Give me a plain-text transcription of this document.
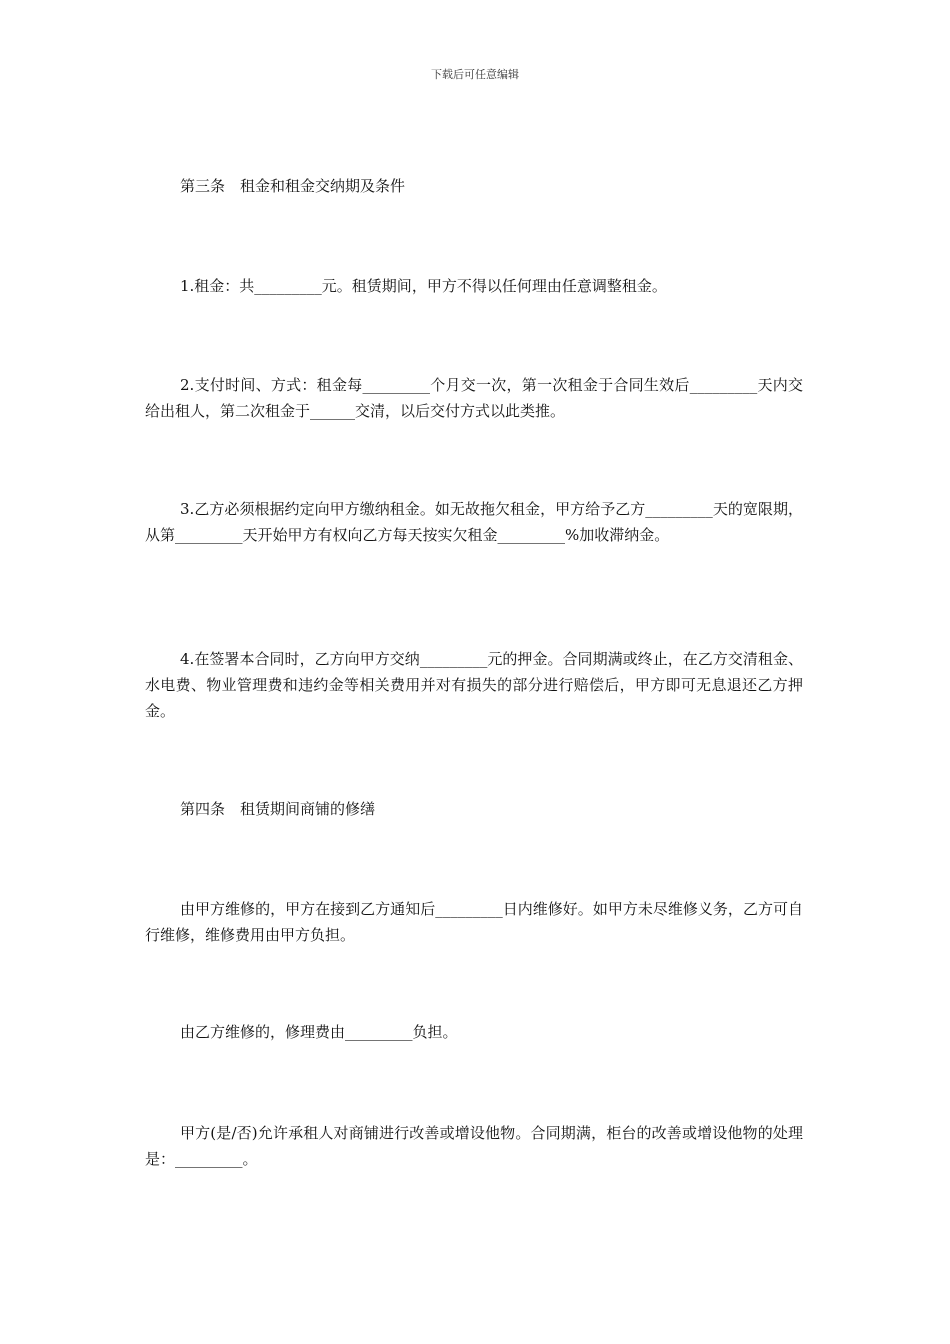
下载后可任意编辑
第三条　租金和租金交纳期及条件
1.租金：共_________元。租赁期间，甲方不得以任何理由任意调整租金。
2.支付时间、方式：租金每_________个月交一次，第一次租金于合同生效后_________天内交给出租人，第二次租金于______交清，以后交付方式以此类推。
3.乙方必须根据约定向甲方缴纳租金。如无故拖欠租金，甲方给予乙方_________天的宽限期，从第_________天开始甲方有权向乙方每天按实欠租金_________%加收滞纳金。
4.在签署本合同时，乙方向甲方交纳_________元的押金。合同期满或终止，在乙方交清租金、水电费、物业管理费和违约金等相关费用并对有损失的部分进行赔偿后，甲方即可无息退还乙方押金。
第四条　租赁期间商铺的修缮
由甲方维修的，甲方在接到乙方通知后_________日内维修好。如甲方未尽维修义务，乙方可自行维修，维修费用由甲方负担。
由乙方维修的，修理费由_________负担。
甲方(是/否)允许承租人对商铺进行改善或增设他物。合同期满，柜台的改善或增设他物的处理是：_________。
